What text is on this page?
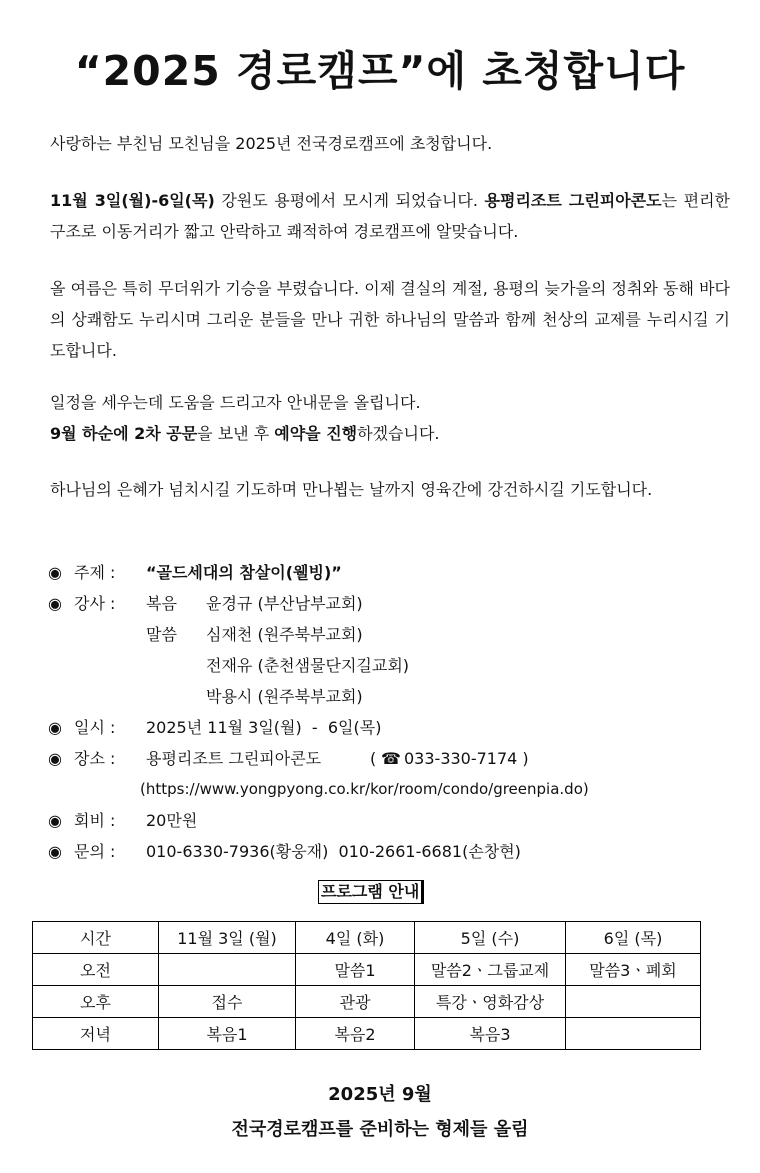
“2025 경로캠프”에 초청합니다
사랑하는 부친님 모친님을 2025년 전국경로캠프에 초청합니다.
11월 3일(월)-6일(목) 강원도 용평에서 모시게 되었습니다. 용평리조트 그린피아콘도는 편리한 구조로 이동거리가 짧고 안락하고 쾌적하여 경로캠프에 알맞습니다.
올 여름은 특히 무더위가 기승을 부렸습니다. 이제 결실의 계절, 용평의 늦가을의 정취와 동해 바다의 상쾌함도 누리시며 그리운 분들을 만나 귀한 하나님의 말씀과 함께 천상의 교제를 누리시길 기도합니다.
일정을 세우는데 도움을 드리고자 안내문을 올립니다.
9월 하순에 2차 공문을 보낸 후 예약을 진행하겠습니다.
하나님의 은혜가 넘치시길 기도하며 만나뵙는 날까지 영육간에 강건하시길 기도합니다.
◉ 주제 : “골드세대의 참살이(웰빙)”
◉ 강사 : 복음 윤경규 (부산남부교회)
말씀 심재천 (원주북부교회)
전재유 (춘천샘물단지길교회)
박용시 (원주북부교회)
◉ 일시 : 2025년 11월 3일(월)  -  6일(목)
◉ 장소 : 용평리조트 그린피아콘도	( ☎ 033-330-7174 )
(https://www.yongpyong.co.kr/kor/room/condo/greenpia.do)
◉ 회비 : 20만원
◉ 문의 : 010-6330-7936(황웅재)  010-2661-6681(손창현)
프로그램 안내
시간	11월 3일 (월)	4일 (화)	5일 (수)	6일 (목)
오전		말씀1	말씀2ㆍ그룹교제	말씀3ㆍ폐회
오후	접수	관광	특강ㆍ영화감상	
저녁	복음1	복음2	복음3	
2025년 9월
전국경로캠프를 준비하는 형제들 올림
